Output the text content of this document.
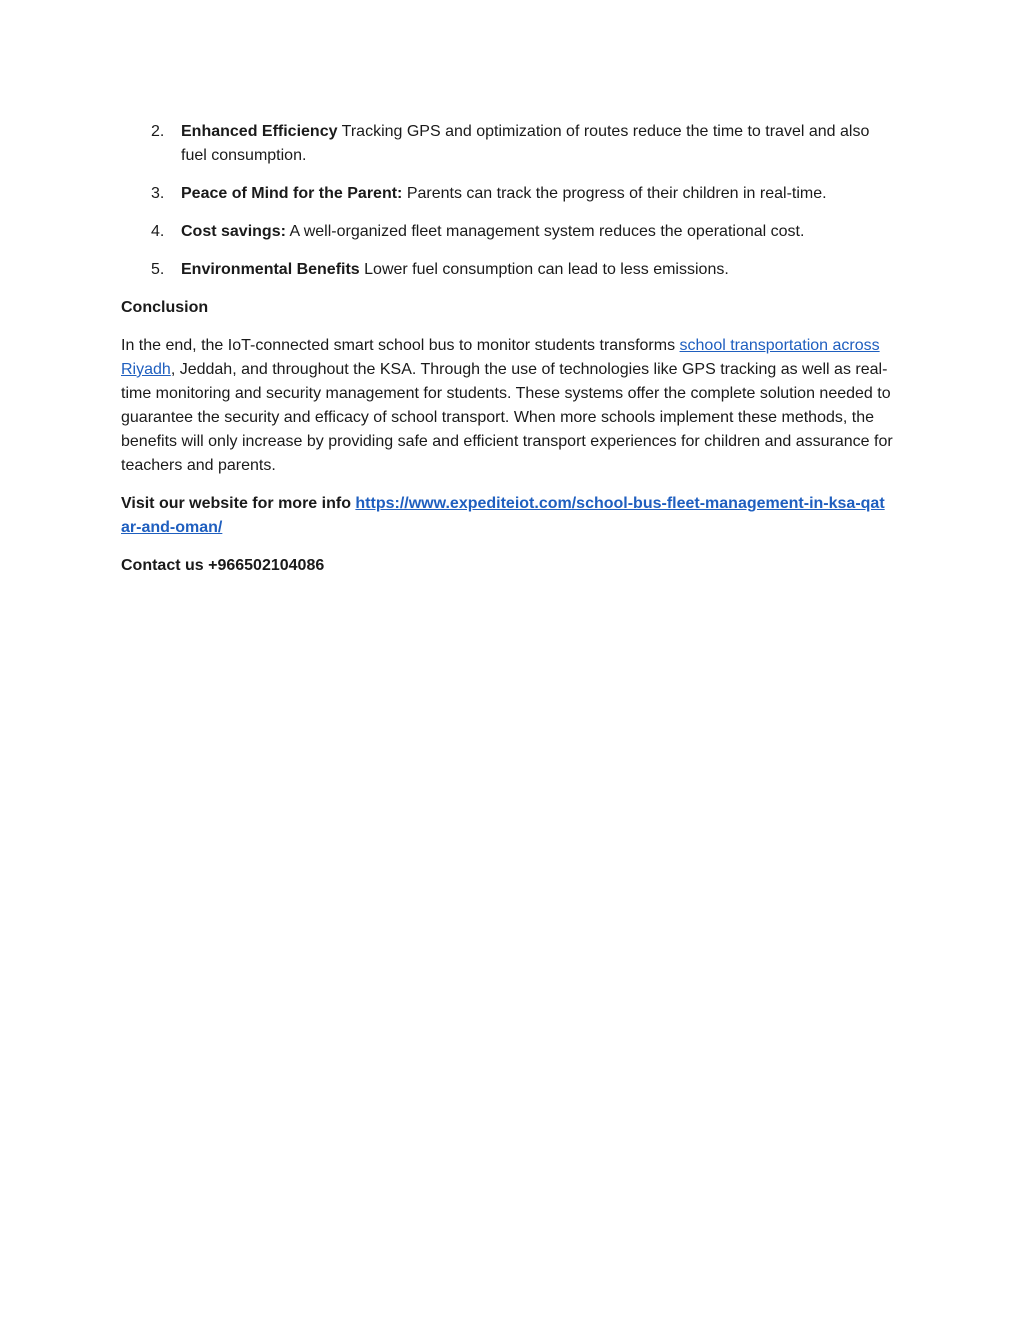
2. Enhanced Efficiency Tracking GPS and optimization of routes reduce the time to travel and also fuel consumption.
3. Peace of Mind for the Parent: Parents can track the progress of their children in real-time.
4. Cost savings: A well-organized fleet management system reduces the operational cost.
5. Environmental Benefits Lower fuel consumption can lead to less emissions.

Conclusion

In the end, the IoT-connected smart school bus to monitor students transforms school transportation across Riyadh, Jeddah, and throughout the KSA. Through the use of technologies like GPS tracking as well as real-time monitoring and security management for students. These systems offer the complete solution needed to guarantee the security and efficacy of school transport. When more schools implement these methods, the benefits will only increase by providing safe and efficient transport experiences for children and assurance for teachers and parents.

Visit our website for more info https://www.expediteiot.com/school-bus-fleet-management-in-ksa-qatar-and-oman/

Contact us +966502104086
